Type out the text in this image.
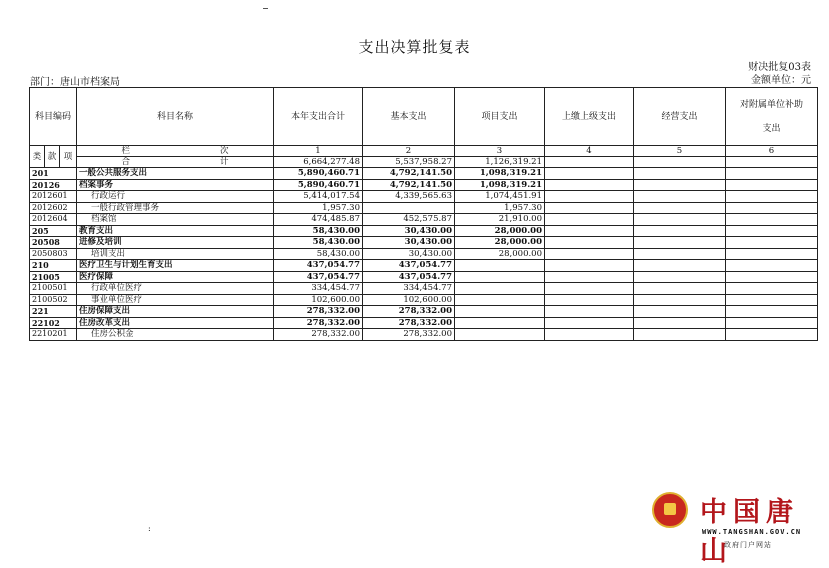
支出决算批复表
财决批复03表
金额单位：元
部门：唐山市档案局
科目编码			科目名称	本年支出合计	基本支出	项目支出	上缴上级支出	经营支出	对附属单位补助支出
类	款	项	栏 次	1	2	3	4	5	6
			合 计	6,664,277.48	5,537,958.27	1,126,319.21			
201			一般公共服务支出	5,890,460.71	4,792,141.50	1,098,319.21			
20126			档案事务	5,890,460.71	4,792,141.50	1,098,319.21			
2012601			行政运行	5,414,017.54	4,339,565.63	1,074,451.91			
2012602			一般行政管理事务	1,957.30		1,957.30			
2012604			档案馆	474,485.87	452,575.87	21,910.00			
205			教育支出	58,430.00	30,430.00	28,000.00			
20508			进修及培训	58,430.00	30,430.00	28,000.00			
2050803			培训支出	58,430.00	30,430.00	28,000.00			
210			医疗卫生与计划生育支出	437,054.77	437,054.77				
21005			医疗保障	437,054.77	437,054.77				
2100501			行政单位医疗	334,454.77	334,454.77				
2100502			事业单位医疗	102,600.00	102,600.00				
221			住房保障支出	278,332.00	278,332.00				
22102			住房改革支出	278,332.00	278,332.00				
2210201			住房公积金	278,332.00	278,332.00				
:
中国唐山
WWW.TANGSHAN.GOV.CN
政府门户网站
